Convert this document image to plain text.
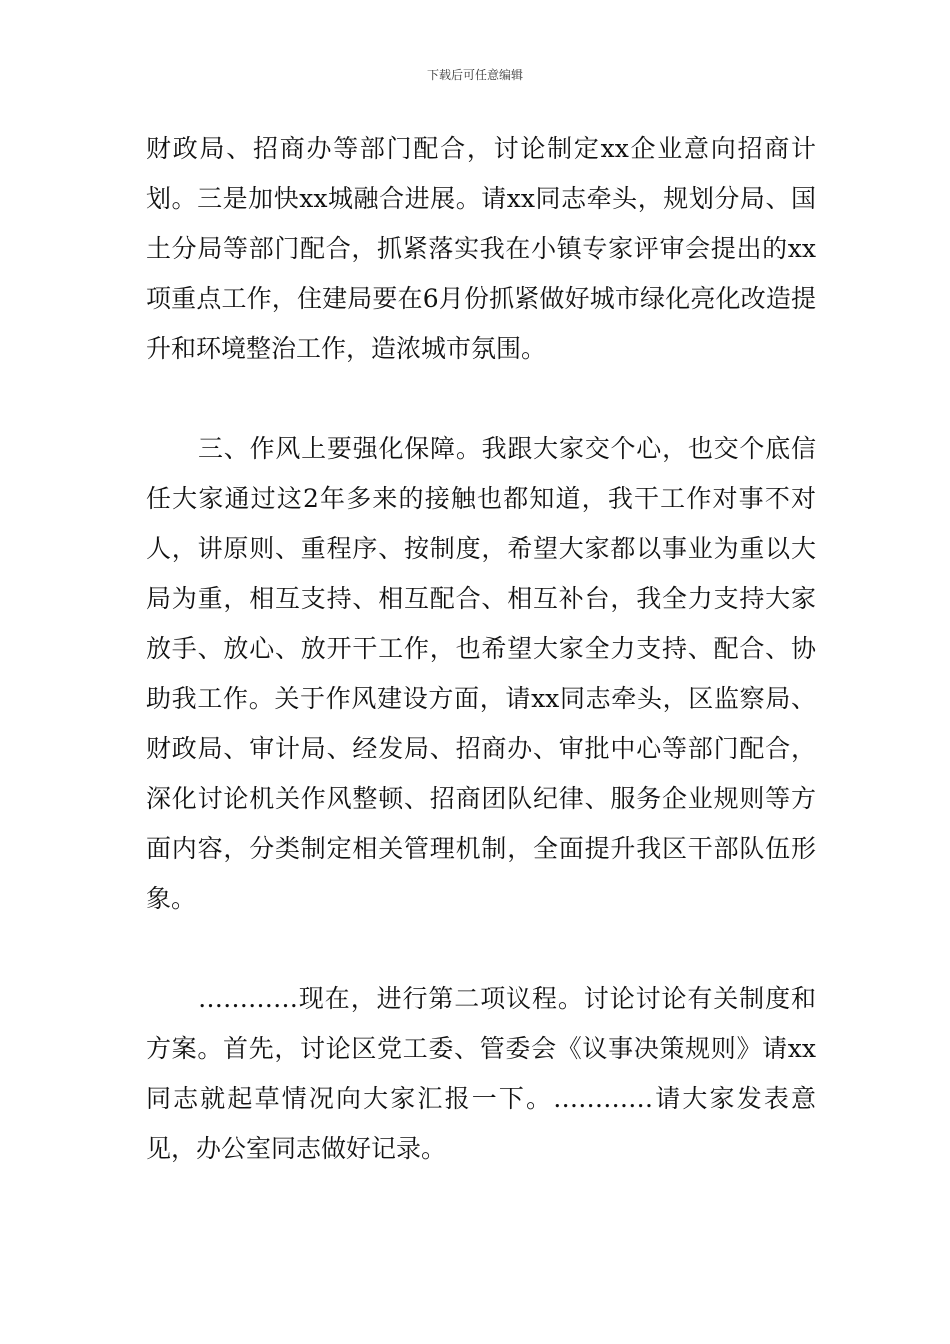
下载后可任意编辑

财政局、招商办等部门配合，讨论制定xx企业意向招商计划。三是加快xx城融合进展。请xx同志牵头，规划分局、国土分局等部门配合，抓紧落实我在小镇专家评审会提出的xx项重点工作，住建局要在6月份抓紧做好城市绿化亮化改造提升和环境整治工作，造浓城市氛围。

三、作风上要强化保障。我跟大家交个心，也交个底信任大家通过这2年多来的接触也都知道，我干工作对事不对人，讲原则、重程序、按制度，希望大家都以事业为重以大局为重，相互支持、相互配合、相互补台，我全力支持大家放手、放心、放开干工作，也希望大家全力支持、配合、协助我工作。关于作风建设方面，请xx同志牵头，区监察局、财政局、审计局、经发局、招商办、审批中心等部门配合，深化讨论机关作风整顿、招商团队纪律、服务企业规则等方面内容，分类制定相关管理机制，全面提升我区干部队伍形象。

…………现在，进行第二项议程。讨论讨论有关制度和方案。首先，讨论区党工委、管委会《议事决策规则》请xx同志就起草情况向大家汇报一下。…………请大家发表意见，办公室同志做好记录。
